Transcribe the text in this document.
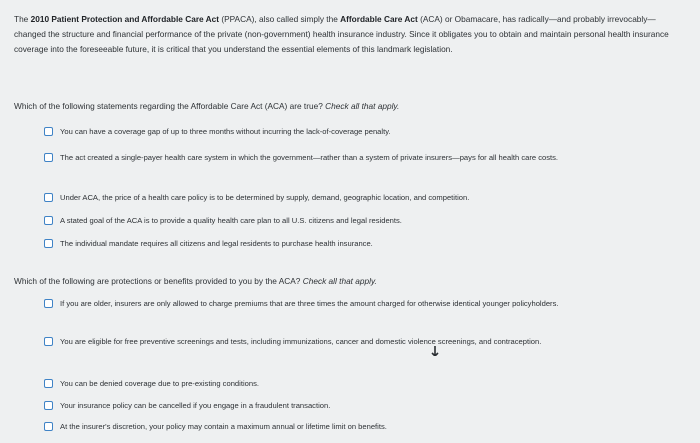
The 2010 Patient Protection and Affordable Care Act (PPACA), also called simply the Affordable Care Act (ACA) or Obamacare, has radically—and probably irrevocably—changed the structure and financial performance of the private (non-government) health insurance industry. Since it obligates you to obtain and maintain personal health insurance coverage into the foreseeable future, it is critical that you understand the essential elements of this landmark legislation.

Which of the following statements regarding the Affordable Care Act (ACA) are true? Check all that apply.
You can have a coverage gap of up to three months without incurring the lack-of-coverage penalty.
The act created a single-payer health care system in which the government—rather than a system of private insurers—pays for all health care costs.
Under ACA, the price of a health care policy is to be determined by supply, demand, geographic location, and competition.
A stated goal of the ACA is to provide a quality health care plan to all U.S. citizens and legal residents.
The individual mandate requires all citizens and legal residents to purchase health insurance.
Which of the following are protections or benefits provided to you by the ACA? Check all that apply.
If you are older, insurers are only allowed to charge premiums that are three times the amount charged for otherwise identical younger policyholders.
You are eligible for free preventive screenings and tests, including immunizations, cancer and domestic violence screenings, and contraception.
You can be denied coverage due to pre-existing conditions.
Your insurance policy can be cancelled if you engage in a fraudulent transaction.
At the insurer's discretion, your policy may contain a maximum annual or lifetime limit on benefits.
